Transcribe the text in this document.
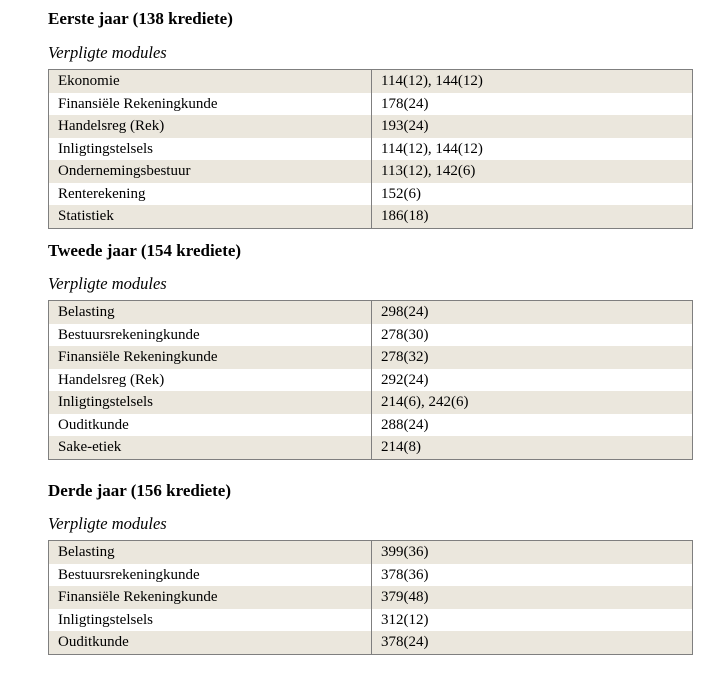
Eerste jaar (138 krediete)
Verpligte modules
Ekonomie	114(12), 144(12)
Finansiële Rekeningkunde	178(24)
Handelsreg (Rek)	193(24)
Inligtingstelsels	114(12), 144(12)
Ondernemingsbestuur	113(12), 142(6)
Renterekening	152(6)
Statistiek	186(18)
Tweede jaar (154 krediete)
Verpligte modules
Belasting	298(24)
Bestuursrekeningkunde	278(30)
Finansiële Rekeningkunde	278(32)
Handelsreg (Rek)	292(24)
Inligtingstelsels	214(6), 242(6)
Ouditkunde	288(24)
Sake-etiek	214(8)
Derde jaar (156 krediete)
Verpligte modules
Belasting	399(36)
Bestuursrekeningkunde	378(36)
Finansiële Rekeningkunde	379(48)
Inligtingstelsels	312(12)
Ouditkunde	378(24)
